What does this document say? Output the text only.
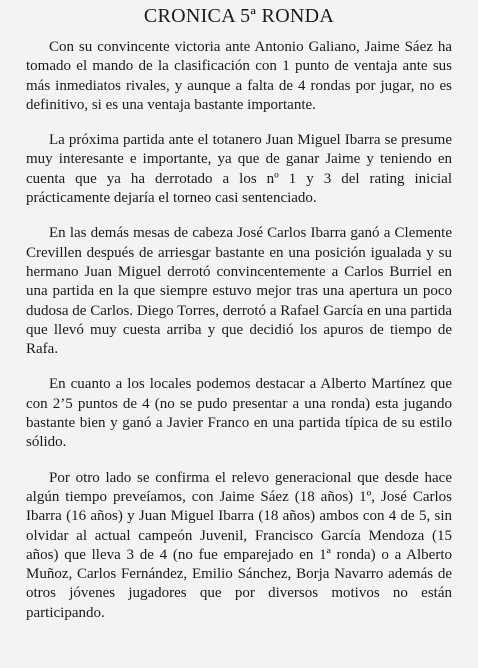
CRONICA 5ª RONDA

Con su convincente victoria ante Antonio Galiano, Jaime Sáez ha tomado el mando de la clasificación con 1 punto de ventaja ante sus más inmediatos rivales, y aunque a falta de 4 rondas por jugar, no es definitivo, si es una ventaja bastante importante.

La próxima partida ante el totanero Juan Miguel Ibarra se presume muy interesante e importante, ya que de ganar Jaime y teniendo en cuenta que ya ha derrotado a los nº 1 y 3 del rating inicial prácticamente dejaría el torneo casi sentenciado.

En las demás mesas de cabeza José Carlos Ibarra ganó a Clemente Crevillen después de arriesgar bastante en una posición igualada y su hermano Juan Miguel derrotó convincentemente a Carlos Burriel en una partida en la que siempre estuvo mejor tras una apertura un poco dudosa de Carlos. Diego Torres, derrotó a Rafael García en una partida que llevó muy cuesta arriba y que decidió los apuros de tiempo de Rafa.

En cuanto a los locales podemos destacar a Alberto Martínez que con 2’5 puntos de 4 (no se pudo presentar a una ronda) esta jugando bastante bien y ganó a Javier Franco en una partida típica de su estilo sólido.

Por otro lado se confirma el relevo generacional que desde hace algún tiempo preveíamos, con Jaime Sáez (18 años) 1º, José Carlos Ibarra (16 años) y Juan Miguel Ibarra (18 años) ambos con 4 de 5, sin olvidar al actual campeón Juvenil, Francisco García Mendoza (15 años) que lleva 3 de 4 (no fue emparejado en 1ª ronda) o a Alberto Muñoz, Carlos Fernández, Emilio Sánchez, Borja Navarro además de otros jóvenes jugadores que por diversos motivos no están participando.
